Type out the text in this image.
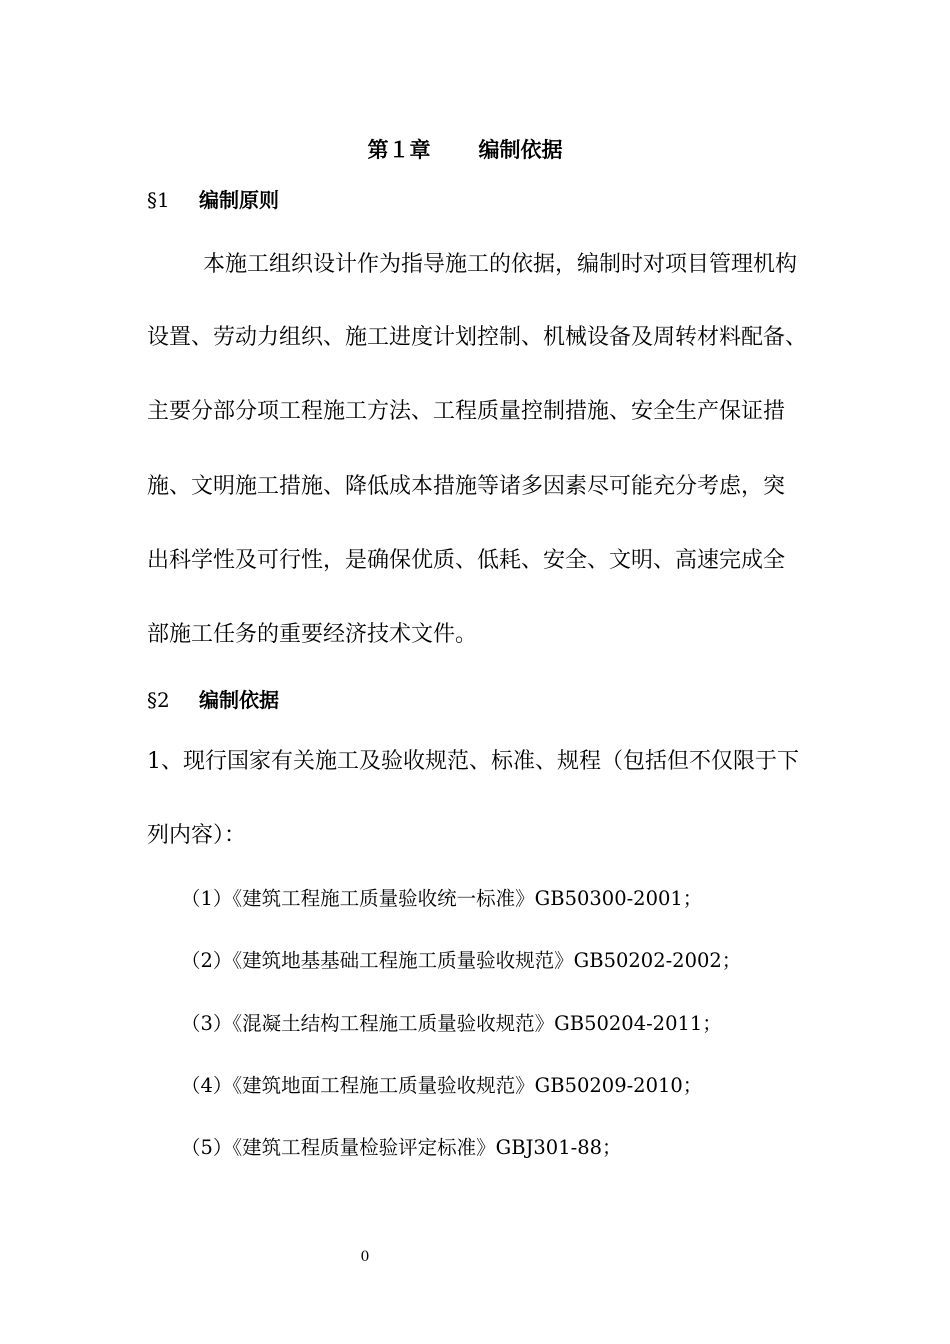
第１章 编制依据
§1 编制原则
本施工组织设计作为指导施工的依据，编制时对项目管理机构
设置、劳动力组织、施工进度计划控制、机械设备及周转材料配备、
主要分部分项工程施工方法、工程质量控制措施、安全生产保证措
施、文明施工措施、降低成本措施等诸多因素尽可能充分考虑，突
出科学性及可行性，是确保优质、低耗、安全、文明、高速完成全
部施工任务的重要经济技术文件。
§2 编制依据
1、现行国家有关施工及验收规范、标准、规程（包括但不仅限于下
列内容）：
（1）《建筑工程施工质量验收统一标准》GB50300-2001；
（2）《建筑地基基础工程施工质量验收规范》GB50202-2002；
（3）《混凝土结构工程施工质量验收规范》GB50204-2011；
（4）《建筑地面工程施工质量验收规范》GB50209-2010；
（5）《建筑工程质量检验评定标准》GBJ301-88；
0
